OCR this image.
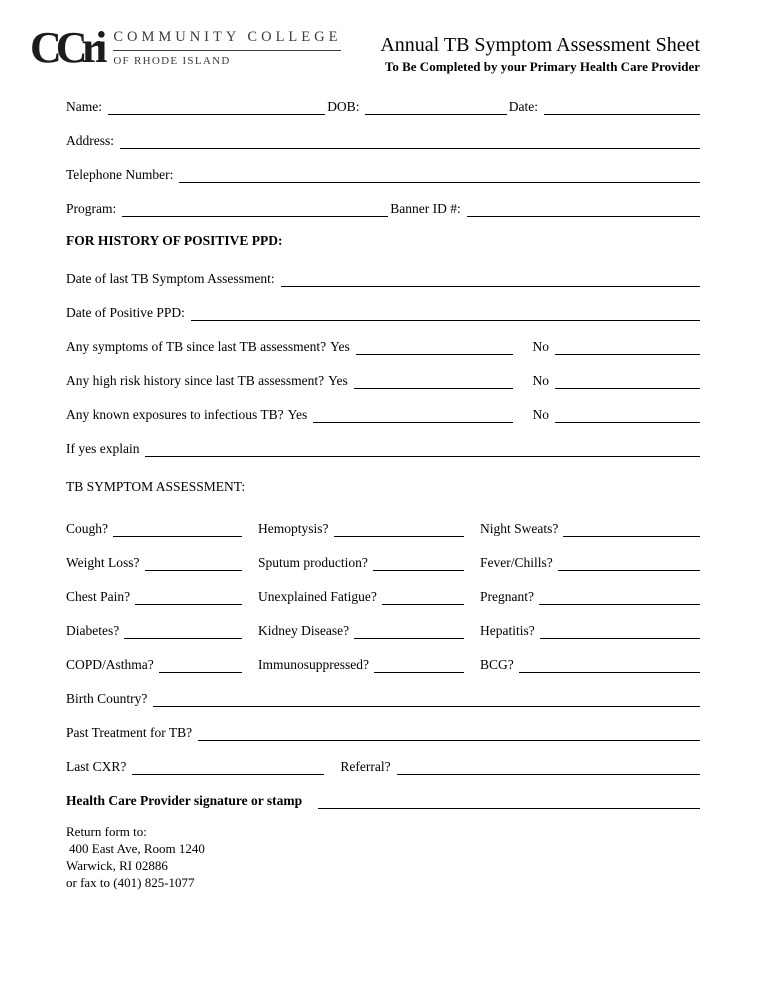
CCri COMMUNITY COLLEGE
OF RHODE ISLAND
Annual TB Symptom Assessment Sheet
To Be Completed by your Primary Health Care Provider
Name:	DOB:	Date:
Address:
Telephone Number:
Program:	Banner ID #:
FOR HISTORY OF POSITIVE PPD:
Date of last TB Symptom Assessment:
Date of Positive PPD:
Any symptoms of TB since last TB assessment? Yes	No
Any high risk history since last TB assessment? Yes	No
Any known exposures to infectious TB? Yes	No
If yes explain
TB SYMPTOM ASSESSMENT:
Cough?	Hemoptysis?	Night Sweats?
Weight Loss?	Sputum production?	Fever/Chills?
Chest Pain?	Unexplained Fatigue?	Pregnant?
Diabetes?	Kidney Disease?	Hepatitis?
COPD/Asthma?	Immunosuppressed?	BCG?
Birth Country?
Past Treatment for TB?
Last CXR?	Referral?
Health Care Provider signature or stamp
Return form to:
400 East Ave, Room 1240
Warwick, RI 02886
or fax to (401) 825-1077
